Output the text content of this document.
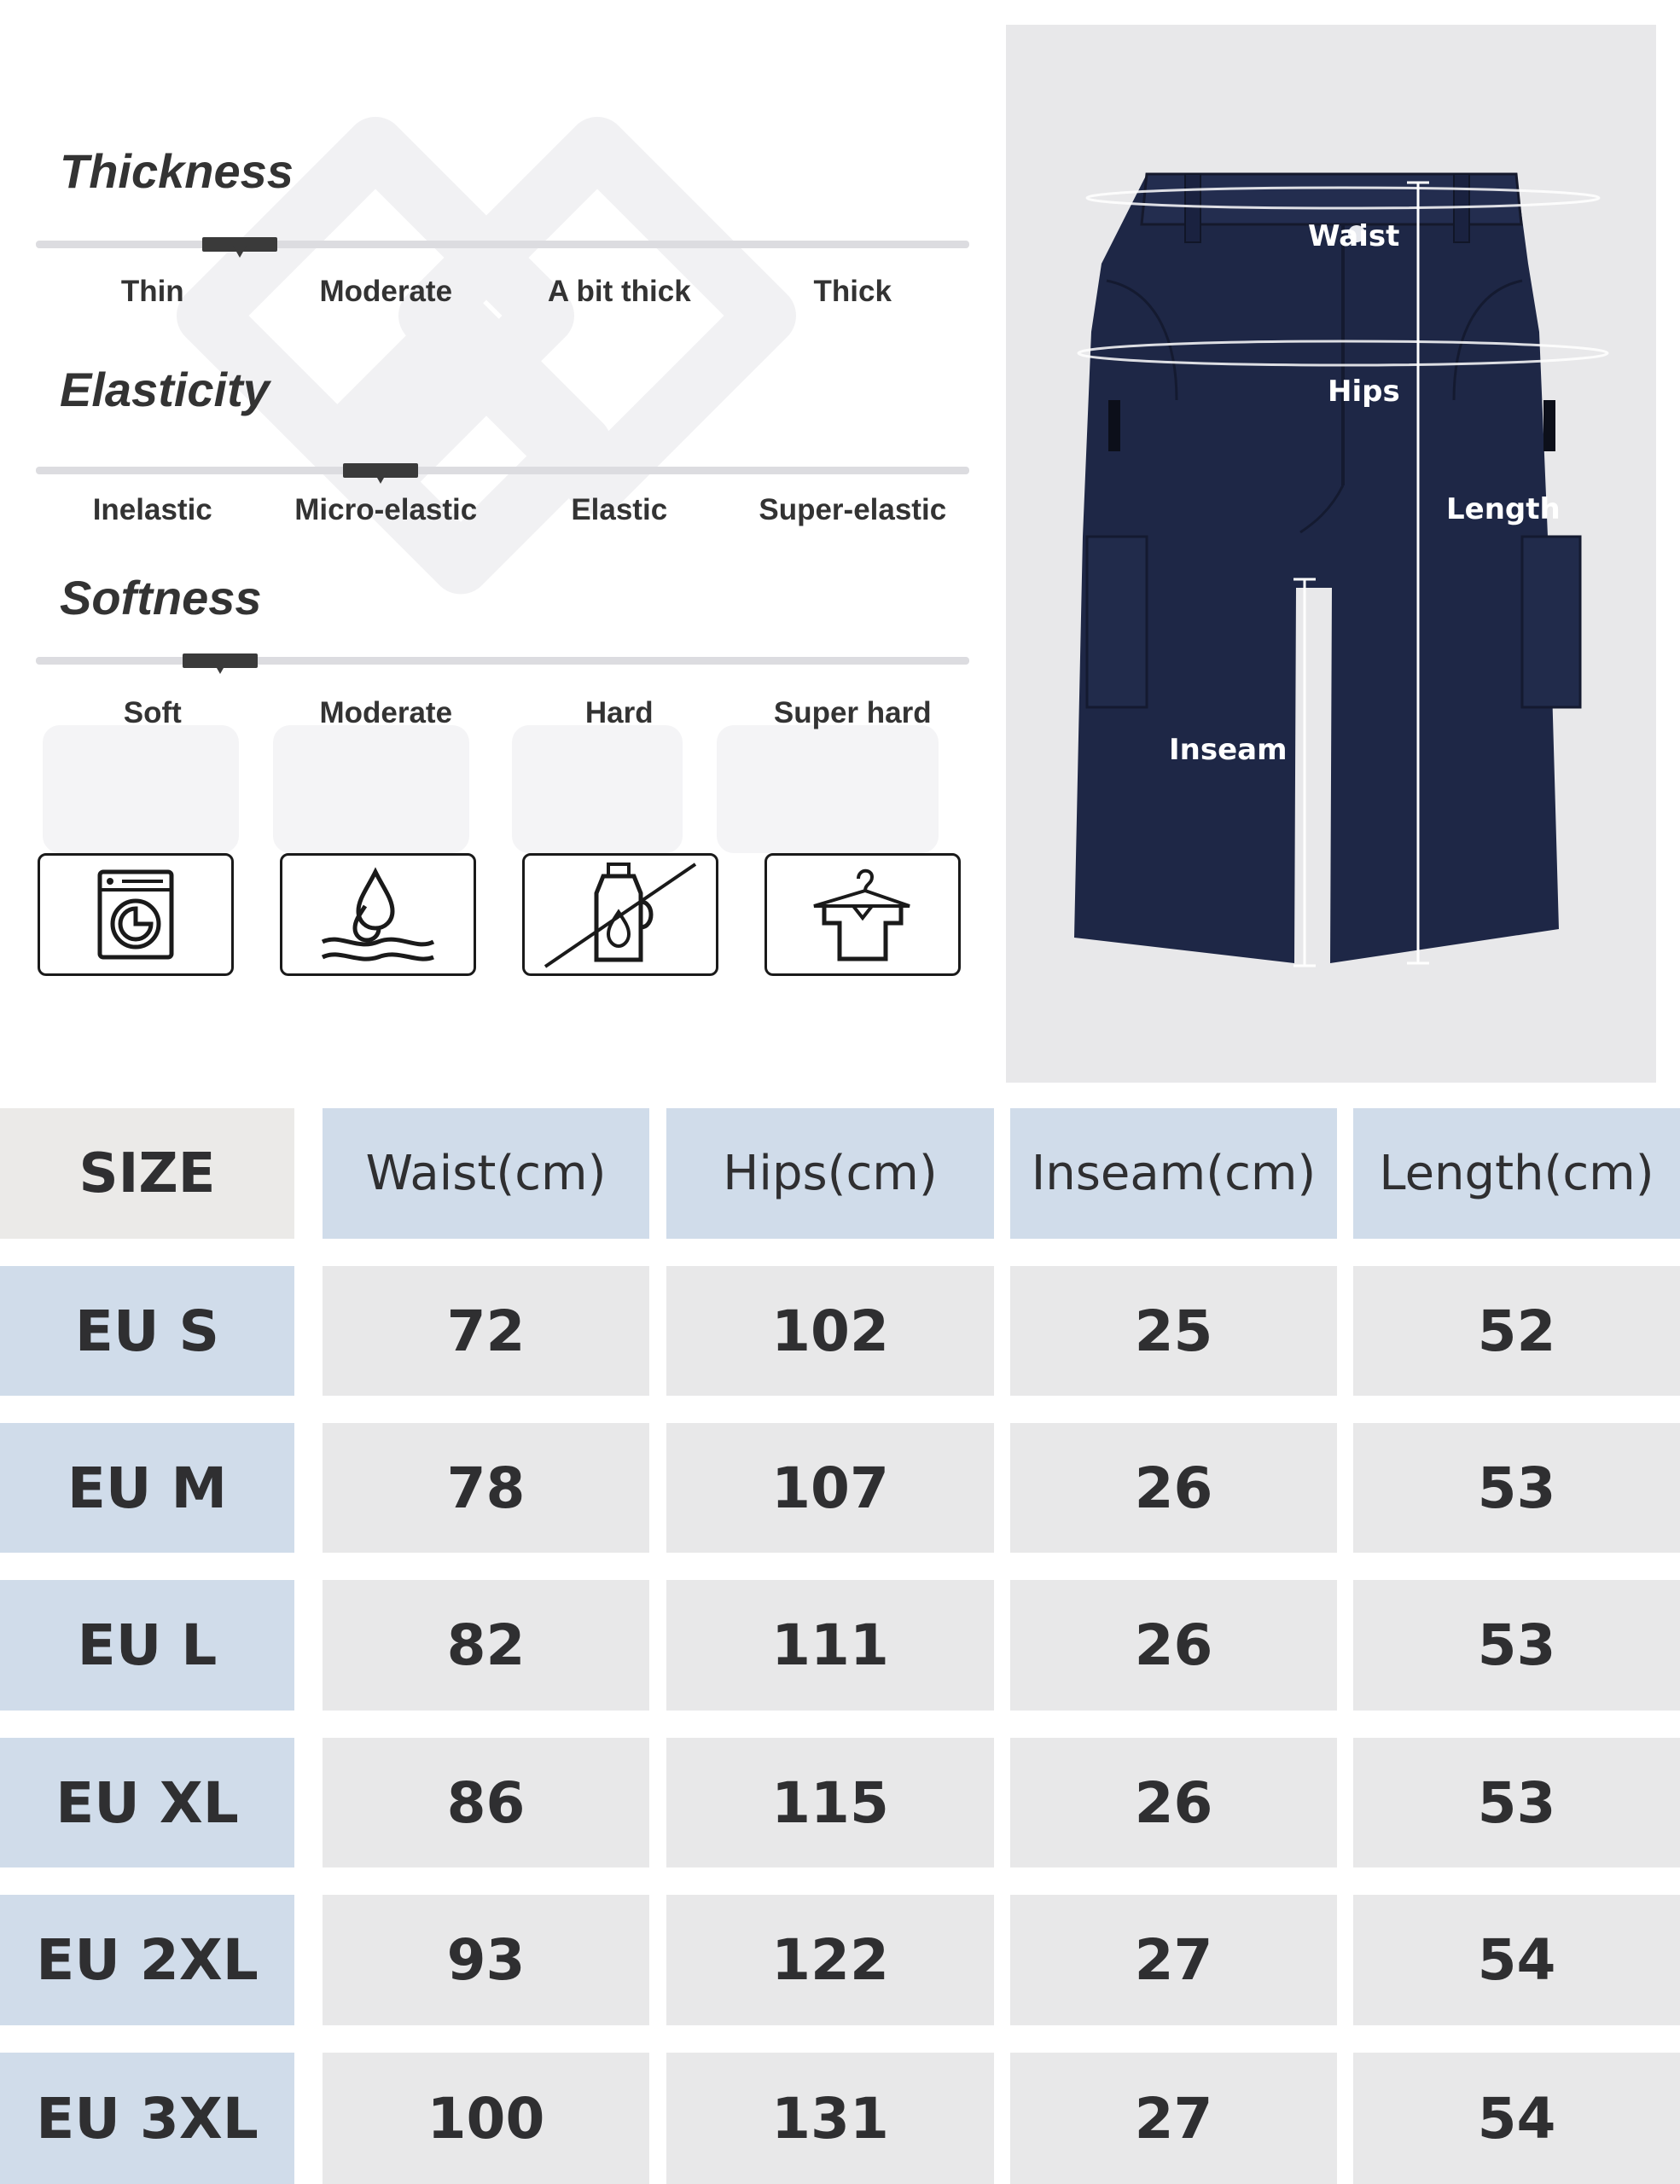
Thickness
Thin	Moderate	A bit thick	Thick
Elasticity
Inelastic	Micro-elastic	Elastic	Super-elastic
Softness
Soft	Moderate	Hard	Super hard
Waist
Hips
Length
Inseam
SIZE	Waist(cm)	Hips(cm)	Inseam(cm)	Length(cm)
EU S	72	102	25	52
EU M	78	107	26	53
EU L	82	111	26	53
EU XL	86	115	26	53
EU 2XL	93	122	27	54
EU 3XL	100	131	27	54
